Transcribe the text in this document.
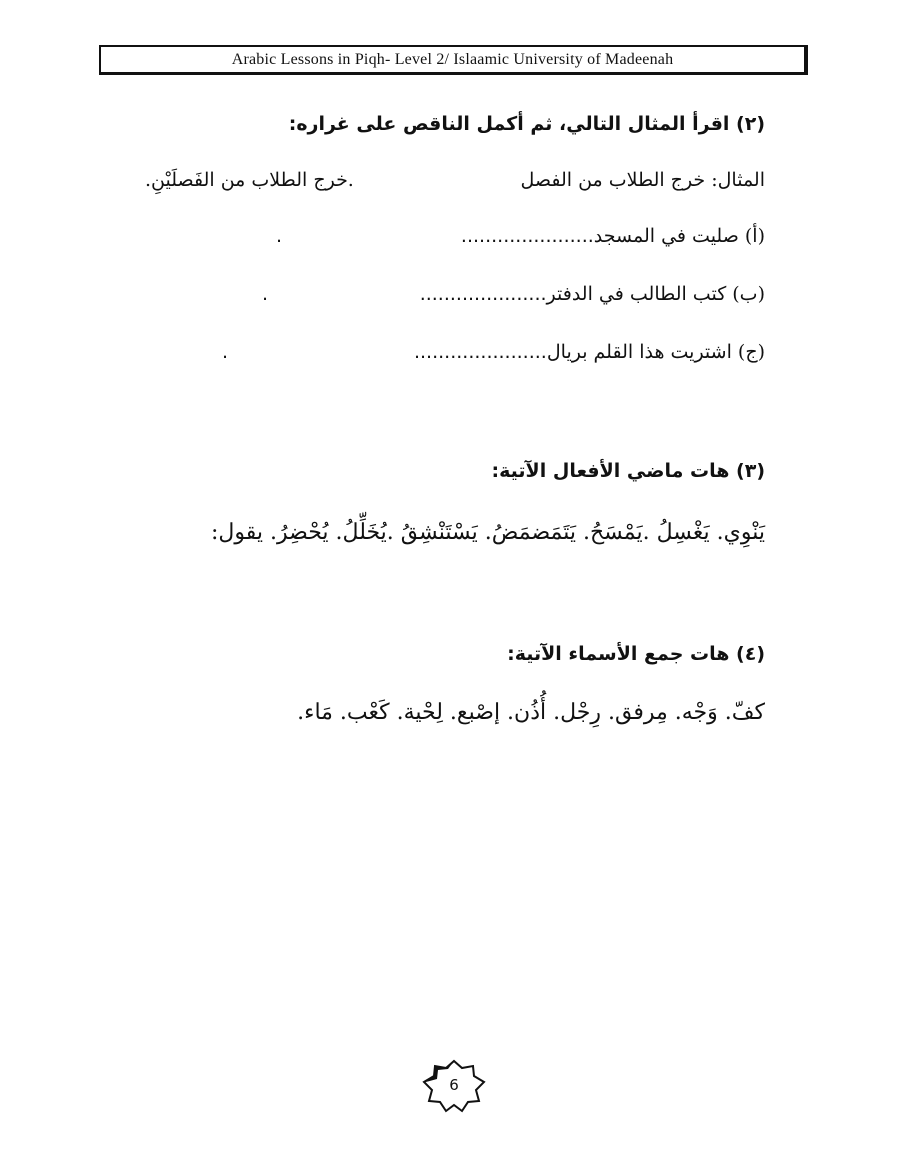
Arabic Lessons in Piqh- Level 2/ Islaamic University of Madeenah
(٢) اقرأ المثال التالي، ثم أكمل الناقص على غراره:
المثال: خرج الطلاب من الفصل
.خرج الطلاب من الفَصلَيْنِ.
(أ) صليت في المسجد......................
.
(ب) كتب الطالب في الدفتر.....................
.
(ج) اشتريت هذا القلم بريال......................
.
(٣) هات ماضي الأفعال الآتية:
يَنْوِي. يَغْسِلُ .يَمْسَحُ. يَتَمَضمَضُ. يَسْتَنْشِقُ .يُخَلِّلُ. يُحْضِرُ. يقول:
(٤) هات جمع الأسماء الآتية:
كفّ. وَجْه. مِرفق. رِجْل. أُذُن. إصْبع. لِحْية. كَعْب. مَاء.
6
